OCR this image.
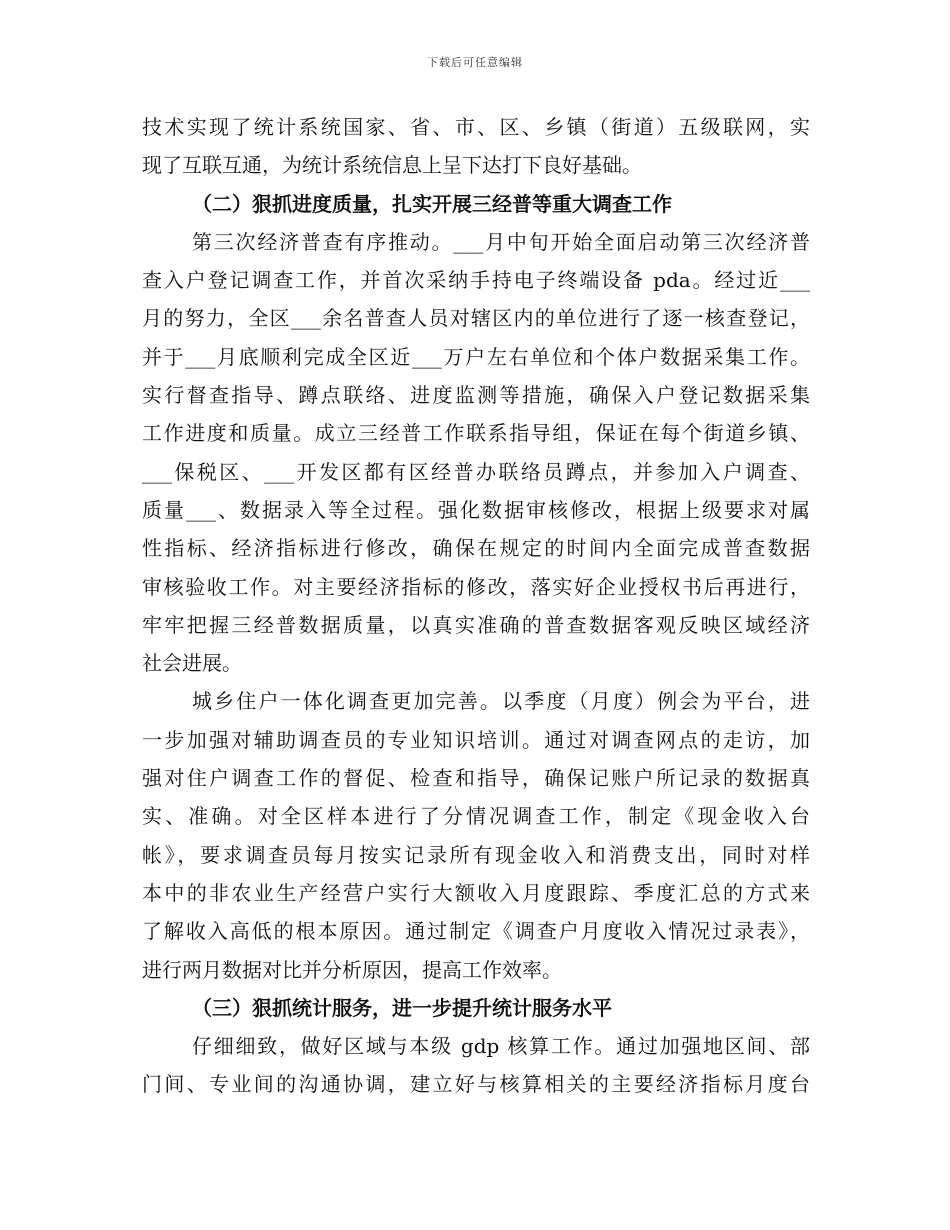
下载后可任意编辑
技术实现了统计系统国家、省、市、区、乡镇（街道）五级联网，实
现了互联互通，为统计系统信息上呈下达打下良好基础。
（二）狠抓进度质量，扎实开展三经普等重大调查工作
第三次经济普查有序推动。___月中旬开始全面启动第三次经济普
查入户登记调查工作，并首次采纳手持电子终端设备 pda。经过近___
月的努力，全区___余名普查人员对辖区内的单位进行了逐一核查登记，
并于___月底顺利完成全区近___万户左右单位和个体户数据采集工作。
实行督查指导、蹲点联络、进度监测等措施，确保入户登记数据采集
工作进度和质量。成立三经普工作联系指导组，保证在每个街道乡镇、
___保税区、___开发区都有区经普办联络员蹲点，并参加入户调查、
质量___、数据录入等全过程。强化数据审核修改，根据上级要求对属
性指标、经济指标进行修改，确保在规定的时间内全面完成普查数据
审核验收工作。对主要经济指标的修改，落实好企业授权书后再进行，
牢牢把握三经普数据质量，以真实准确的普查数据客观反映区域经济
社会进展。
城乡住户一体化调查更加完善。以季度（月度）例会为平台，进
一步加强对辅助调查员的专业知识培训。通过对调查网点的走访，加
强对住户调查工作的督促、检查和指导，确保记账户所记录的数据真
实、准确。对全区样本进行了分情况调查工作，制定《现金收入台
帐》，要求调查员每月按实记录所有现金收入和消费支出，同时对样
本中的非农业生产经营户实行大额收入月度跟踪、季度汇总的方式来
了解收入高低的根本原因。通过制定《调查户月度收入情况过录表》，
进行两月数据对比并分析原因，提高工作效率。
（三）狠抓统计服务，进一步提升统计服务水平
仔细细致，做好区域与本级 gdp 核算工作。通过加强地区间、部
门间、专业间的沟通协调，建立好与核算相关的主要经济指标月度台
